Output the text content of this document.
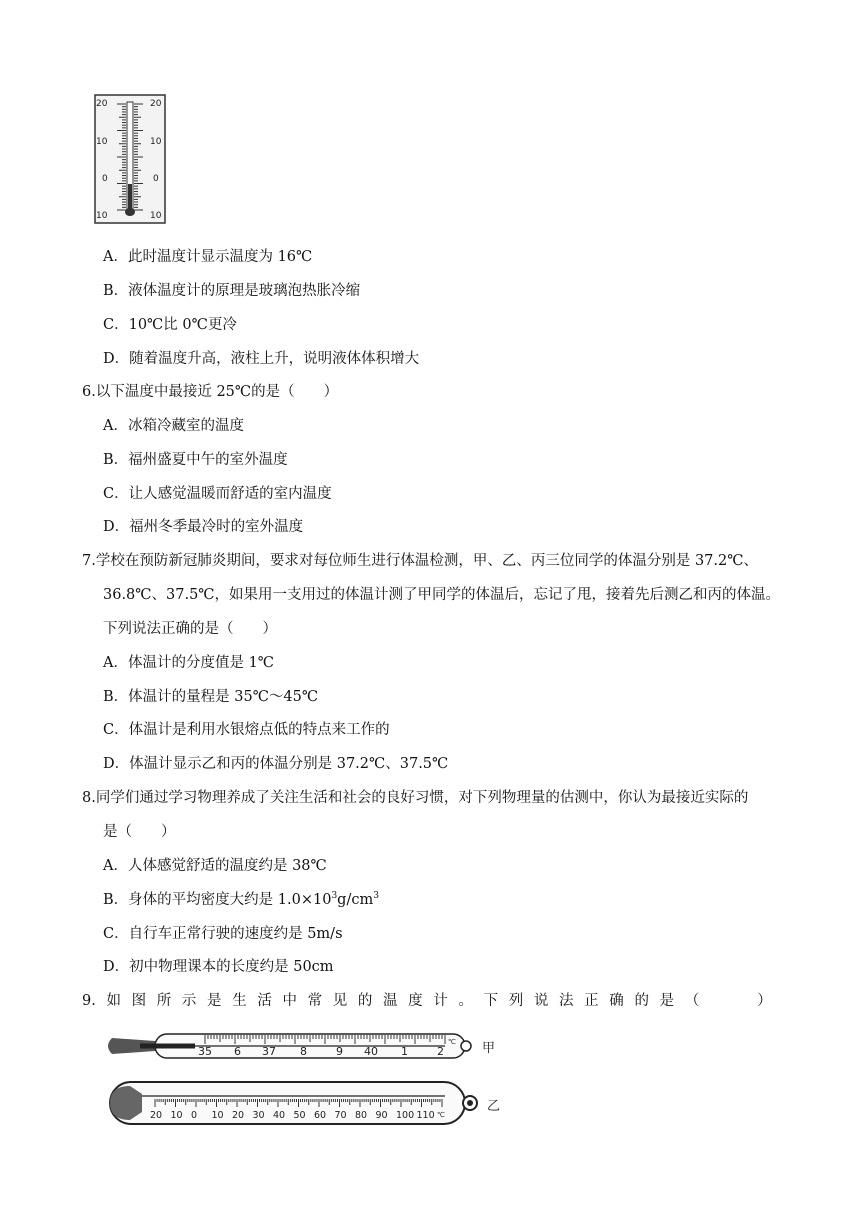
20
10
0
10
20
10
0
10
A．此时温度计显示温度为 16℃
B．液体温度计的原理是玻璃泡热胀冷缩
C．10℃比 0℃更冷
D．随着温度升高，液柱上升，说明液体体积增大
6.以下温度中最接近 25℃的是（　　）
A．冰箱冷藏室的温度
B．福州盛夏中午的室外温度
C．让人感觉温暖而舒适的室内温度
D．福州冬季最冷时的室外温度
7.学校在预防新冠肺炎期间，要求对每位师生进行体温检测，甲、乙、丙三位同学的体温分别是 37.2℃、
36.8℃、37.5℃，如果用一支用过的体温计测了甲同学的体温后，忘记了甩，接着先后测乙和丙的体温。
下列说法正确的是（　　）
A．体温计的分度值是 1℃
B．体温计的量程是 35℃～45℃
C．体温计是利用水银熔点低的特点来工作的
D．体温计显示乙和丙的体温分别是 37.2℃、37.5℃
8.同学们通过学习物理养成了关注生活和社会的良好习惯，对下列物理量的估测中，你认为最接近实际的
是（　　）
A．人体感觉舒适的温度约是 38℃
B．身体的平均密度大约是 $1.0\times 10^3g/cm^3$
C．自行车正常行驶的速度约是 5m/s
D．初中物理课本的长度约是 50cm
9. 如 图 所 示 是 生 活 中 常 见 的 温 度 计 。 下 列 说 法 正 确 的 是 （　　　　）
35 6 37 8	9 40 1	2
℃ 甲
20 10 0 10 20 30 40 50 60 70 80 90 100 110 ℃
乙
